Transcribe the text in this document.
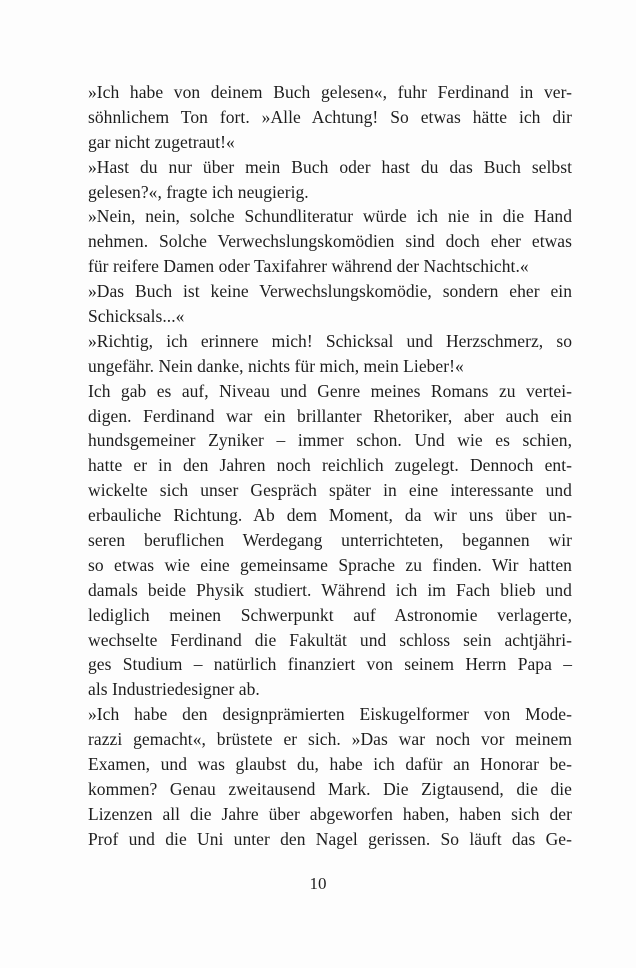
»Ich habe von deinem Buch gelesen«, fuhr Ferdinand in ver-
söhnlichem Ton fort. »Alle Achtung! So etwas hätte ich dir
gar nicht zugetraut!«
»Hast du nur über mein Buch oder hast du das Buch selbst
gelesen?«, fragte ich neugierig.
»Nein, nein, solche Schundliteratur würde ich nie in die Hand
nehmen. Solche Verwechslungskomödien sind doch eher etwas
für reifere Damen oder Taxifahrer während der Nachtschicht.«
»Das Buch ist keine Verwechslungskomödie, sondern eher ein
Schicksals...«
»Richtig, ich erinnere mich! Schicksal und Herzschmerz, so
ungefähr. Nein danke, nichts für mich, mein Lieber!«
Ich gab es auf, Niveau und Genre meines Romans zu vertei-
digen. Ferdinand war ein brillanter Rhetoriker, aber auch ein
hundsgemeiner Zyniker – immer schon. Und wie es schien,
hatte er in den Jahren noch reichlich zugelegt. Dennoch ent-
wickelte sich unser Gespräch später in eine interessante und
erbauliche Richtung. Ab dem Moment, da wir uns über un-
seren beruflichen Werdegang unterrichteten, begannen wir
so etwas wie eine gemeinsame Sprache zu finden. Wir hatten
damals beide Physik studiert. Während ich im Fach blieb und
lediglich meinen Schwerpunkt auf Astronomie verlagerte,
wechselte Ferdinand die Fakultät und schloss sein achtjähri-
ges Studium – natürlich finanziert von seinem Herrn Papa –
als Industriedesigner ab.
»Ich habe den designprämierten Eiskugelformer von Mode-
razzi gemacht«, brüstete er sich. »Das war noch vor meinem
Examen, und was glaubst du, habe ich dafür an Honorar be-
kommen? Genau zweitausend Mark. Die Zigtausend, die die
Lizenzen all die Jahre über abgeworfen haben, haben sich der
Prof und die Uni unter den Nagel gerissen. So läuft das Ge-
10
